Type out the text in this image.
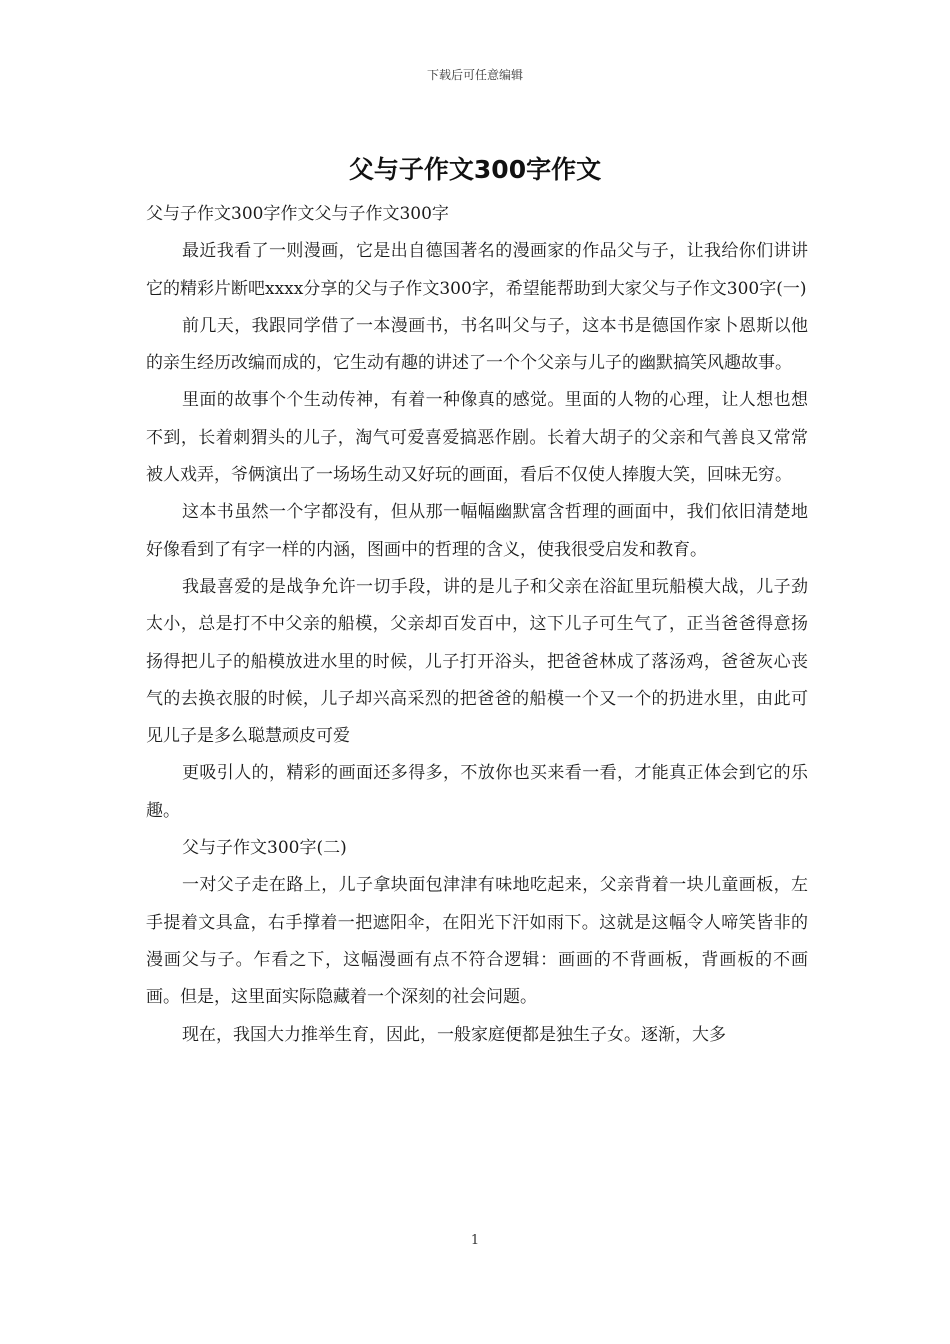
下载后可任意编辑
父与子作文300字作文

父与子作文300字作文父与子作文300字

最近我看了一则漫画，它是出自德国著名的漫画家的作品父与子，让我给你们讲讲它的精彩片断吧xxxx分享的父与子作文300字，希望能帮助到大家父与子作文300字(一)

前几天，我跟同学借了一本漫画书，书名叫父与子，这本书是德国作家卜恩斯以他的亲生经历改编而成的，它生动有趣的讲述了一个个父亲与儿子的幽默搞笑风趣故事。

里面的故事个个生动传神，有着一种像真的感觉。里面的人物的心理，让人想也想不到，长着刺猬头的儿子，淘气可爱喜爱搞恶作剧。长着大胡子的父亲和气善良又常常被人戏弄，爷俩演出了一场场生动又好玩的画面，看后不仅使人捧腹大笑，回味无穷。

这本书虽然一个字都没有，但从那一幅幅幽默富含哲理的画面中，我们依旧清楚地好像看到了有字一样的内涵，图画中的哲理的含义，使我很受启发和教育。

我最喜爱的是战争允许一切手段，讲的是儿子和父亲在浴缸里玩船模大战，儿子劲太小，总是打不中父亲的船模，父亲却百发百中，这下儿子可生气了，正当爸爸得意扬扬得把儿子的船模放进水里的时候，儿子打开浴头，把爸爸林成了落汤鸡，爸爸灰心丧气的去换衣服的时候，儿子却兴高采烈的把爸爸的船模一个又一个的扔进水里，由此可见儿子是多么聪慧顽皮可爱

更吸引人的，精彩的画面还多得多，不放你也买来看一看，才能真正体会到它的乐趣。

父与子作文300字(二)

一对父子走在路上，儿子拿块面包津津有味地吃起来，父亲背着一块儿童画板，左手提着文具盒，右手撑着一把遮阳伞，在阳光下汗如雨下。这就是这幅令人啼笑皆非的漫画父与子。乍看之下，这幅漫画有点不符合逻辑：画画的不背画板，背画板的不画画。但是，这里面实际隐藏着一个深刻的社会问题。

现在，我国大力推举生育，因此，一般家庭便都是独生子女。逐渐，大多

1
